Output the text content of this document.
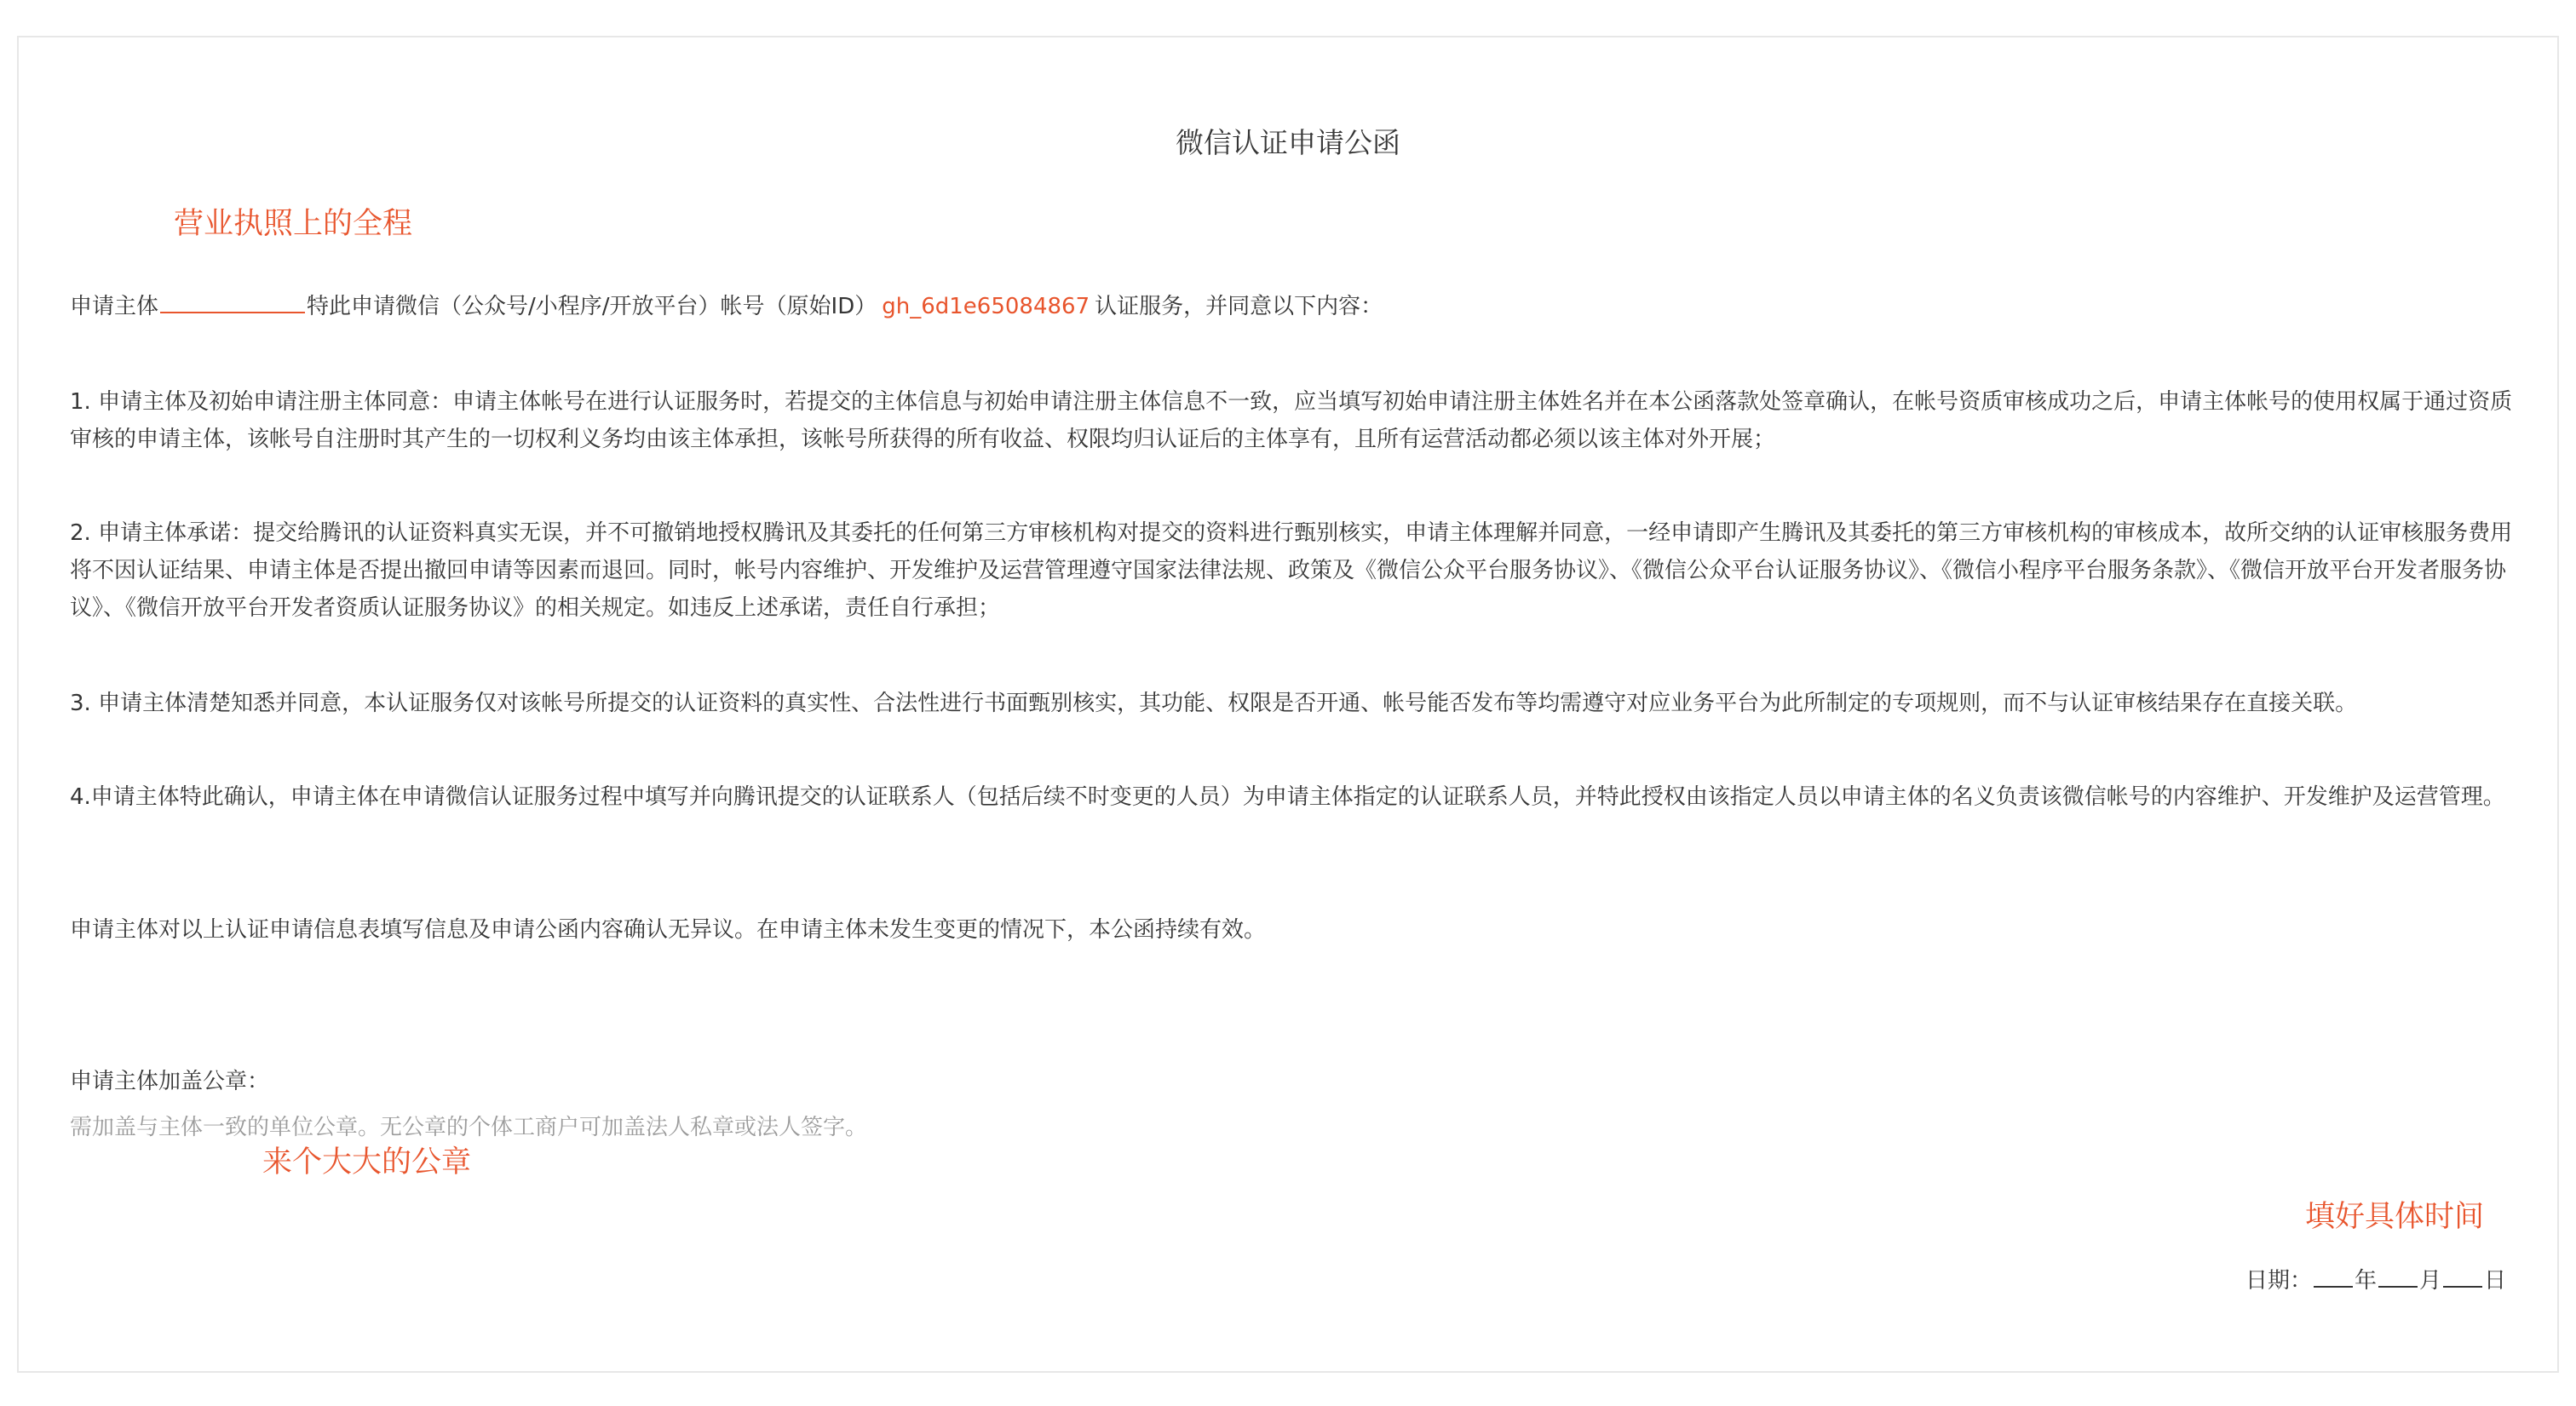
微信认证申请公函
营业执照上的全程
申请主体	特此申请微信（公众号/小程序/开放平台）帐号（原始ID） gh_6d1e65084867 认证服务，并同意以下内容：
1. 申请主体及初始申请注册主体同意：申请主体帐号在进行认证服务时，若提交的主体信息与初始申请注册主体信息不一致，应当填写初始申请注册主体姓名并在本公函落款处签章确认，在帐号资质审核成功之后，申请主体帐号的使用权属于通过资质审核的申请主体，该帐号自注册时其产生的一切权利义务均由该主体承担，该帐号所获得的所有收益、权限均归认证后的主体享有，且所有运营活动都必须以该主体对外开展；
2. 申请主体承诺：提交给腾讯的认证资料真实无误，并不可撤销地授权腾讯及其委托的任何第三方审核机构对提交的资料进行甄别核实，申请主体理解并同意，一经申请即产生腾讯及其委托的第三方审核机构的审核成本，故所交纳的认证审核服务费用将不因认证结果、申请主体是否提出撤回申请等因素而退回。同时，帐号内容维护、开发维护及运营管理遵守国家法律法规、政策及《微信公众平台服务协议》、《微信公众平台认证服务协议》、《微信小程序平台服务条款》、《微信开放平台开发者服务协议》、《微信开放平台开发者资质认证服务协议》的相关规定。如违反上述承诺，责任自行承担；
3. 申请主体清楚知悉并同意，本认证服务仅对该帐号所提交的认证资料的真实性、合法性进行书面甄别核实，其功能、权限是否开通、帐号能否发布等均需遵守对应业务平台为此所制定的专项规则，而不与认证审核结果存在直接关联。
4.申请主体特此确认，申请主体在申请微信认证服务过程中填写并向腾讯提交的认证联系人（包括后续不时变更的人员）为申请主体指定的认证联系人员，并特此授权由该指定人员以申请主体的名义负责该微信帐号的内容维护、开发维护及运营管理。
申请主体对以上认证申请信息表填写信息及申请公函内容确认无异议。在申请主体未发生变更的情况下，本公函持续有效。
申请主体加盖公章：
需加盖与主体一致的单位公章。无公章的个体工商户可加盖法人私章或法人签字。
来个大大的公章
填好具体时间
日期： 年 月 日
